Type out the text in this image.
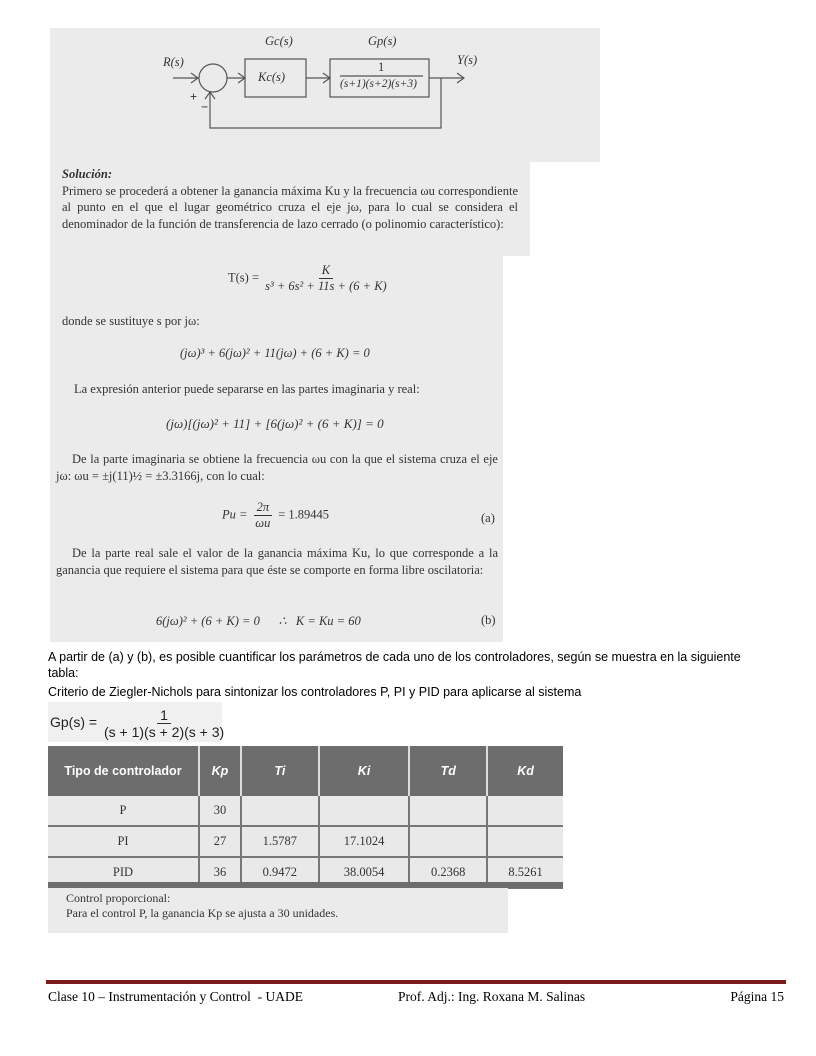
R(s)
Gc(s)
Kc(s)
Gp(s)
1
(s+1)(s+2)(s+3)
Y(s)
+
−
Solución:
Primero se procederá a obtener la ganancia máxima Ku y la frecuencia ωu correspondiente al punto en el que el lugar geométrico cruza el eje jω, para lo cual se considera el denominador de la función de transferencia de lazo cerrado (o polinomio característico):
$T(s) = \frac{K}{\text{s³ + 6s² + 11s + (6 + K)}}$
donde se sustituye s por jω:
(jω)³ + 6(jω)² + 11(jω) + (6 + K) = 0
La expresión anterior puede separarse en las partes imaginaria y real:
(jω)[(jω)² + 11] + [6(jω)² + (6 + K)] = 0
De la parte imaginaria se obtiene la frecuencia ωu con la que el sistema cruza el eje jω: ωu = ±j(11)½ = ±3.3166j, con lo cual:
$Pu = \frac{2\pi}{\omega u} = 1.89445$	(a)
De la parte real sale el valor de la ganancia máxima Ku, lo que corresponde a la ganancia que requiere el sistema para que éste se comporte en forma libre oscilatoria:
6(jω)² + (6 + K) = 0      ∴   K = Ku = 60	(b)
A partir de (a) y (b), es posible cuantificar los parámetros de cada uno de los controladores, según se muestra en la siguiente tabla:
Criterio de Ziegler-Nichols para sintonizar los controladores P, PI y PID para aplicarse al sistema
$Gp(s) = \frac{1}{(s + 1)(s + 2)(s + 3)}$
Tipo de controlador	Kp	Ti	Ki	Td	Kd
P	30				
PI	27	1.5787	17.1024		
PID	36	0.9472	38.0054	0.2368	8.5261
Control proporcional:
Para el control P, la ganancia Kp se ajusta a 30 unidades.
Clase 10 – Instrumentación y Control  - UADE	Prof. Adj.: Ing. Roxana M. Salinas	Página 15
